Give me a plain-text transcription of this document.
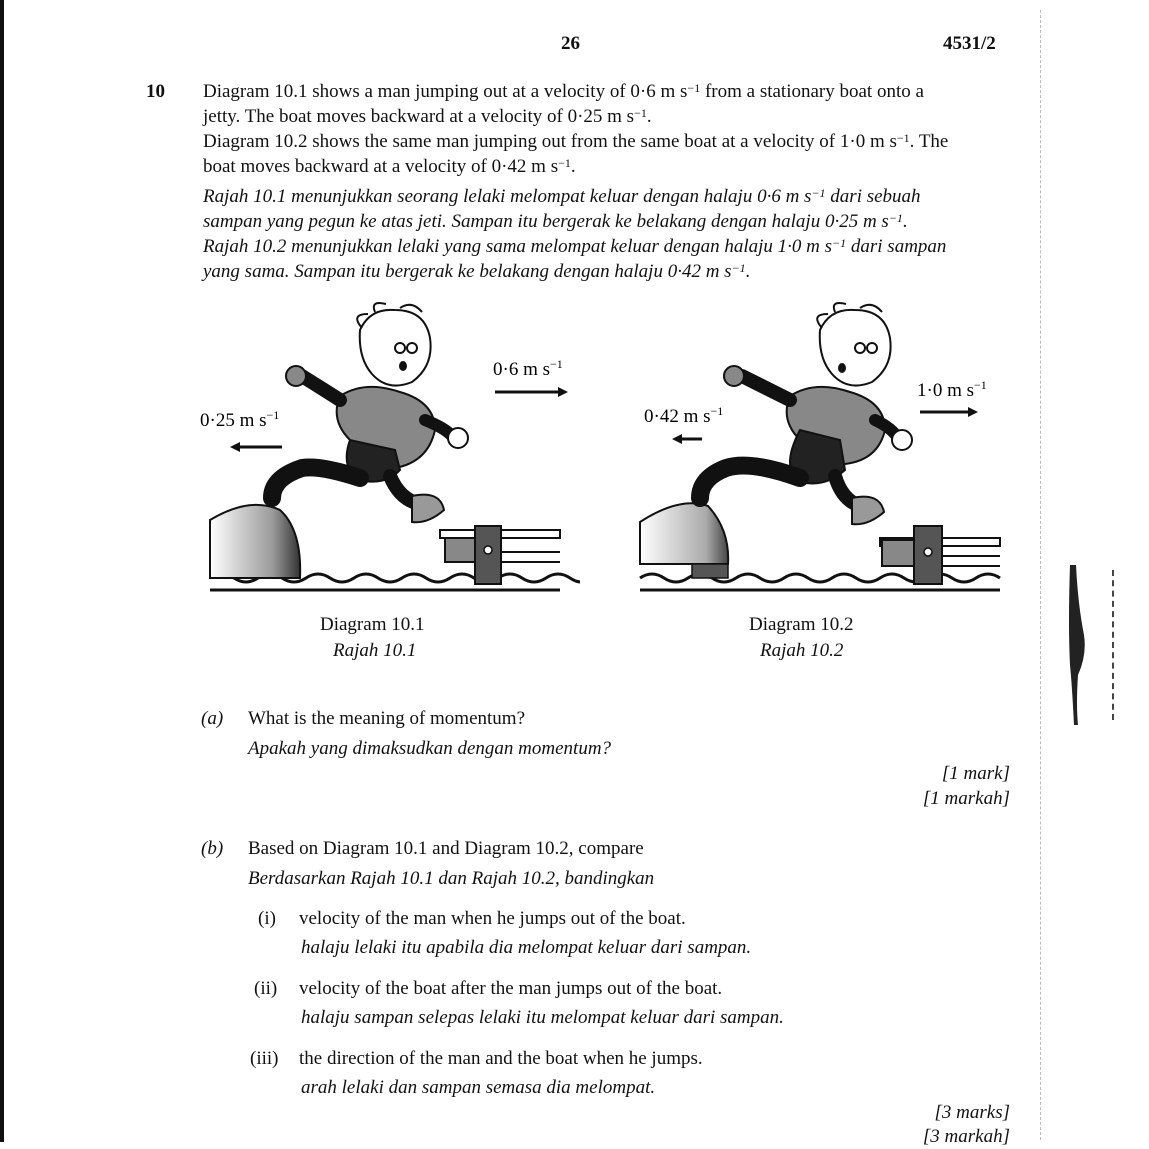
26	4531/2
10 Diagram 10.1 shows a man jumping out at a velocity of 0·6 m $s^{-1}$ from a stationary boat onto a
jetty. The boat moves backward at a velocity of 0·25 m $s^{-1}$.
Diagram 10.2 shows the same man jumping out from the same boat at a velocity of 1·0 m $s^{-1}$. The
boat moves backward at a velocity of 0·42 m $s^{-1}$.
Rajah 10.1 menunjukkan seorang lelaki melompat keluar dengan halaju 0·6 m $s^{-1}$ dari sebuah
sampan yang pegun ke atas jeti. Sampan itu bergerak ke belakang dengan halaju 0·25 m $s^{-1}$.
Rajah 10.2 menunjukkan lelaki yang sama melompat keluar dengan halaju 1·0 m $s^{-1}$ dari sampan
yang sama. Sampan itu bergerak ke belakang dengan halaju 0·42 m $s^{-1}$.
0·6 m $s^{-1}$
0·25 m $s^{-1}$
Diagram 10.1
Rajah 10.1
1·0 m $s^{-1}$
0·42 m $s^{-1}$
Diagram 10.2
Rajah 10.2
(a) What is the meaning of momentum?
Apakah yang dimaksudkan dengan momentum?
[1 mark]
[1 markah]
(b) Based on Diagram 10.1 and Diagram 10.2, compare
Berdasarkan Rajah 10.1 dan Rajah 10.2, bandingkan
(i) velocity of the man when he jumps out of the boat.
halaju lelaki itu apabila dia melompat keluar dari sampan.
(ii) velocity of the boat after the man jumps out of the boat.
halaju sampan selepas lelaki itu melompat keluar dari sampan.
(iii) the direction of the man and the boat when he jumps.
arah lelaki dan sampan semasa dia melompat.
[3 marks]
[3 markah]
